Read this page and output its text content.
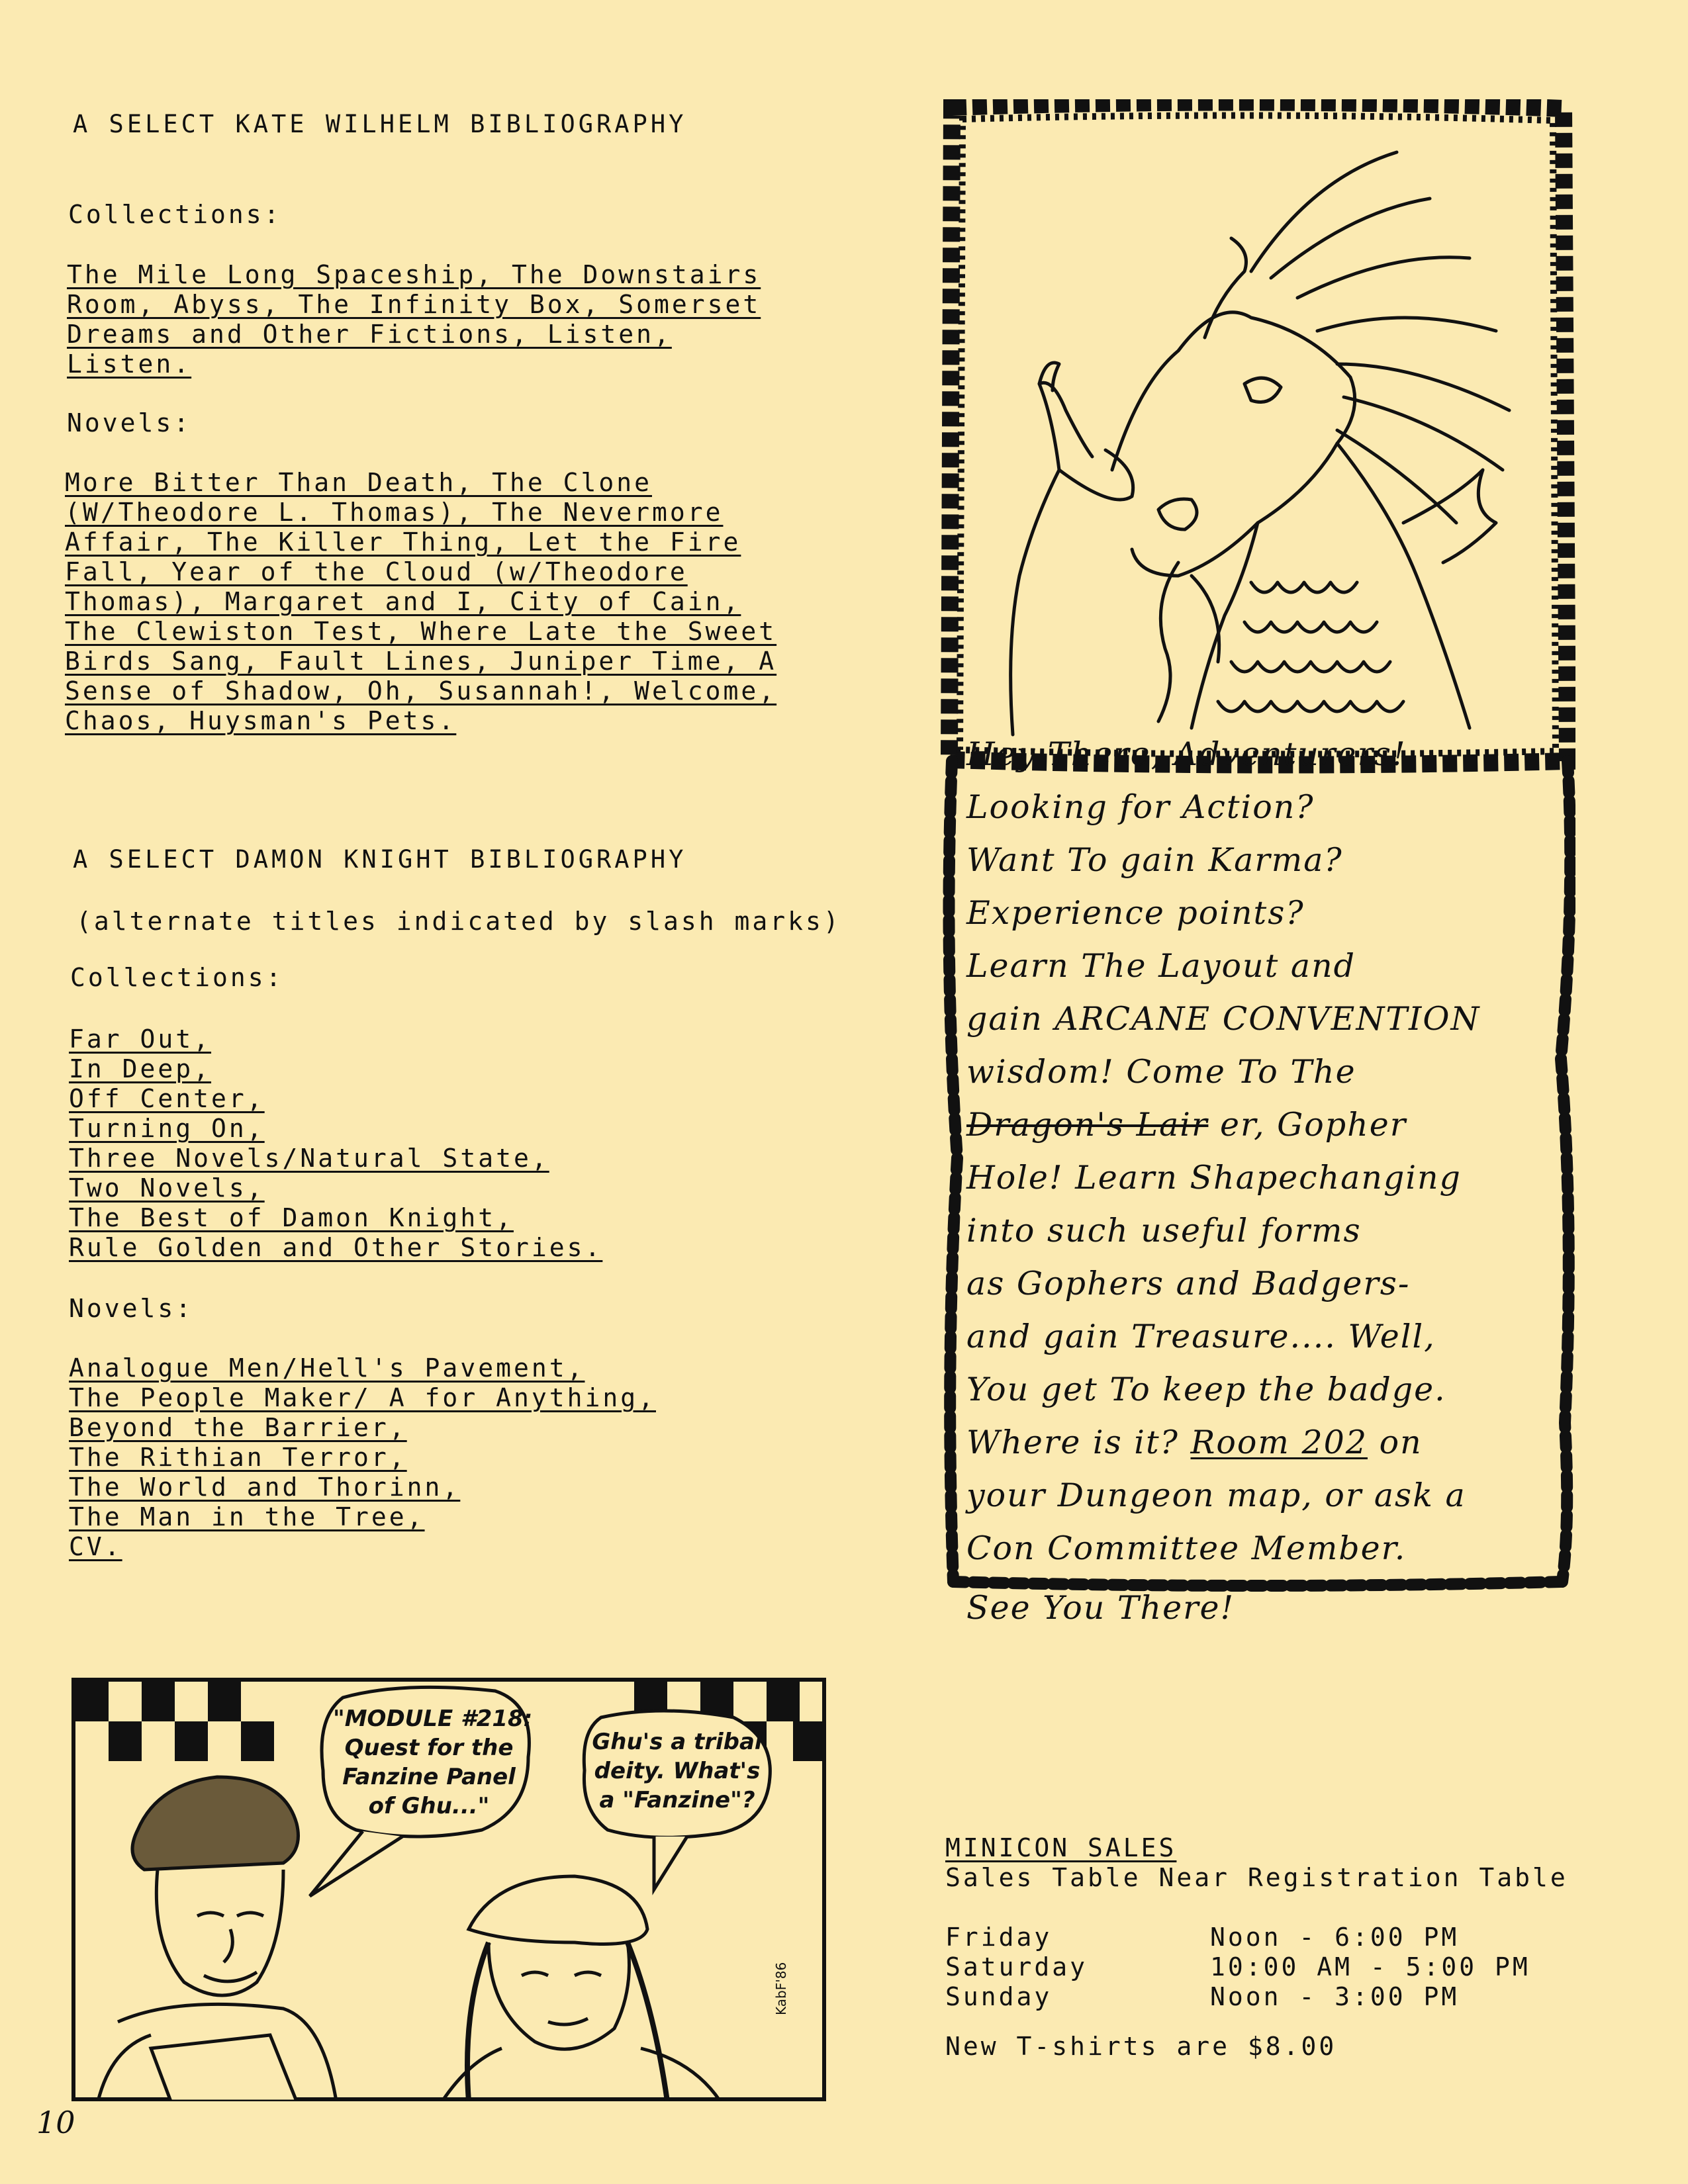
A SELECT KATE WILHELM BIBLIOGRAPHY
Collections:
The Mile Long Spaceship, The Downstairs
Room, Abyss, The Infinity Box, Somerset
Dreams and Other Fictions, Listen,
Listen.
Novels:
More Bitter Than Death, The Clone
(W/Theodore L. Thomas), The Nevermore
Affair, The Killer Thing, Let the Fire
Fall, Year of the Cloud (w/Theodore
Thomas), Margaret and I, City of Cain,
The Clewiston Test, Where Late the Sweet
Birds Sang, Fault Lines, Juniper Time, A
Sense of Shadow, Oh, Susannah!, Welcome,
Chaos, Huysman's Pets.
A SELECT DAMON KNIGHT BIBLIOGRAPHY
(alternate titles indicated by slash marks)
Collections:
Far Out,
In Deep,
Off Center,
Turning On,
Three Novels/Natural State,
Two Novels,
The Best of Damon Knight,
Rule Golden and Other Stories.
Novels:
Analogue Men/Hell's Pavement,
The People Maker/ A for Anything,
Beyond the Barrier,
The Rithian Terror,
The World and Thorinn,
The Man in the Tree,
CV.
Hey There, Adventurers!
Looking for Action?
Want To gain Karma?
Experience points?
Learn The Layout and
gain ARCANE CONVENTION
wisdom! Come To The
Dragon's Lair er, Gopher
Hole! Learn Shapechanging
into such useful forms
as Gophers and Badgers-
and gain Treasure.... Well,
You get To keep the badge.
Where is it? Room 202 on
your Dungeon map, or ask a
Con Committee Member.
See You There!
"MODULE #218:
Quest for the
Fanzine Panel
of Ghu..."
Ghu's a tribal
deity. What's
a "Fanzine"?
KabF'86
MINICON SALES
Sales Table Near Registration Table
Friday	Noon - 6:00 PM
Saturday	10:00 AM - 5:00 PM
Sunday	Noon - 3:00 PM
New T-shirts are $8.00
10
